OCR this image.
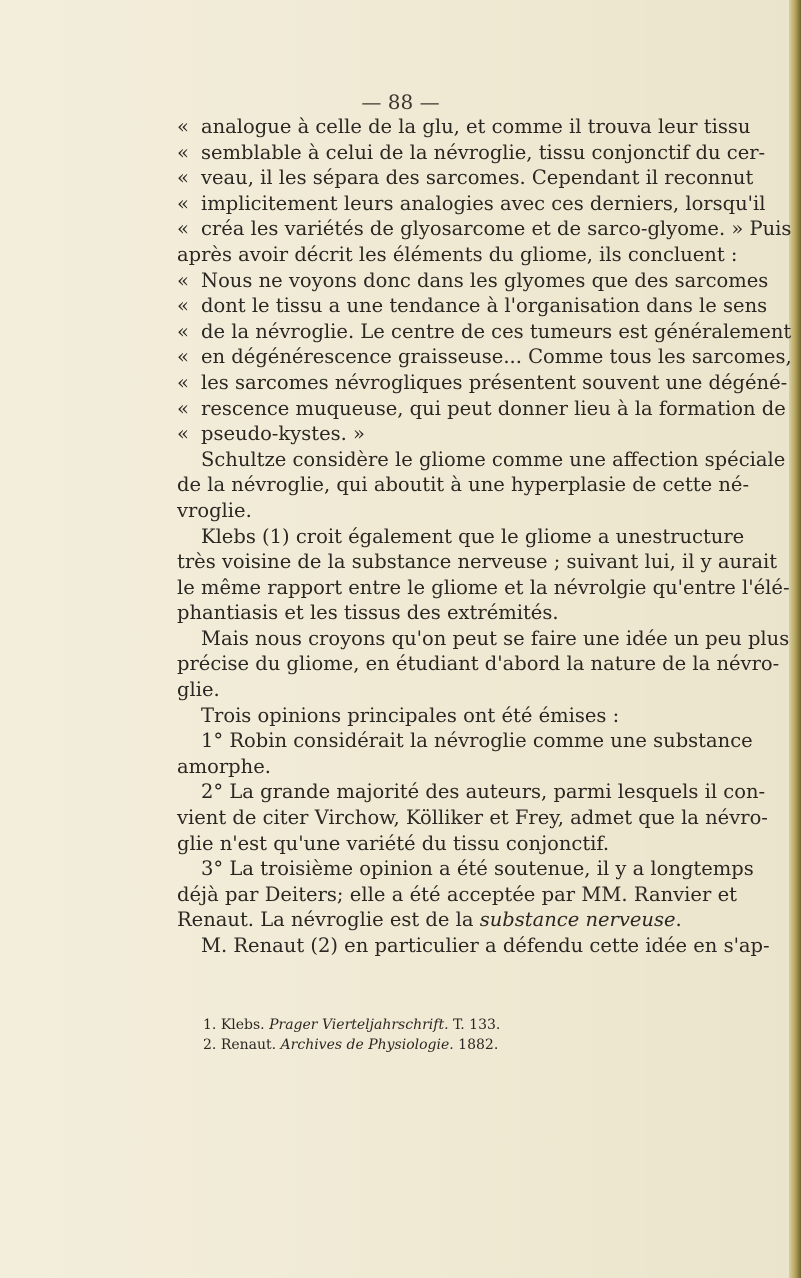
— 88 —
« analogue à celle de la glu, et comme il trouva leur tissu
« semblable à celui de la névroglie, tissu conjonctif du cer-
« veau, il les sépara des sarcomes. Cependant il reconnut
« implicitement leurs analogies avec ces derniers, lorsqu'il
« créa les variétés de glyosarcome et de sarco-glyome. » Puis
après avoir décrit les éléments du gliome, ils concluent :
« Nous ne voyons donc dans les glyomes que des sarcomes
« dont le tissu a une tendance à l'organisation dans le sens
« de la névroglie. Le centre de ces tumeurs est généralement
« en dégénérescence graisseuse... Comme tous les sarcomes,
« les sarcomes névrogliques présentent souvent une dégéné-
« rescence muqueuse, qui peut donner lieu à la formation de
« pseudo-kystes. »
Schultze considère le gliome comme une affection spéciale
de la névroglie, qui aboutit à une hyperplasie de cette né-
vroglie.
Klebs (1) croit également que le gliome a unestructure
très voisine de la substance nerveuse ; suivant lui, il y aurait
le même rapport entre le gliome et la névrolgie qu'entre l'élé-
phantiasis et les tissus des extrémités.
Mais nous croyons qu'on peut se faire une idée un peu plus
précise du gliome, en étudiant d'abord la nature de la névro-
glie.
Trois opinions principales ont été émises :
1° Robin considérait la névroglie comme une substance
amorphe.
2° La grande majorité des auteurs, parmi lesquels il con-
vient de citer Virchow, Kölliker et Frey, admet que la névro-
glie n'est qu'une variété du tissu conjonctif.
3° La troisième opinion a été soutenue, il y a longtemps
déjà par Deiters; elle a été acceptée par MM. Ranvier et
Renaut. La névroglie est de la substance nerveuse.
M. Renaut (2) en particulier a défendu cette idée en s'ap-
1. Klebs. Prager Vierteljahrschrift. T. 133.
2. Renaut. Archives de Physiologie. 1882.
